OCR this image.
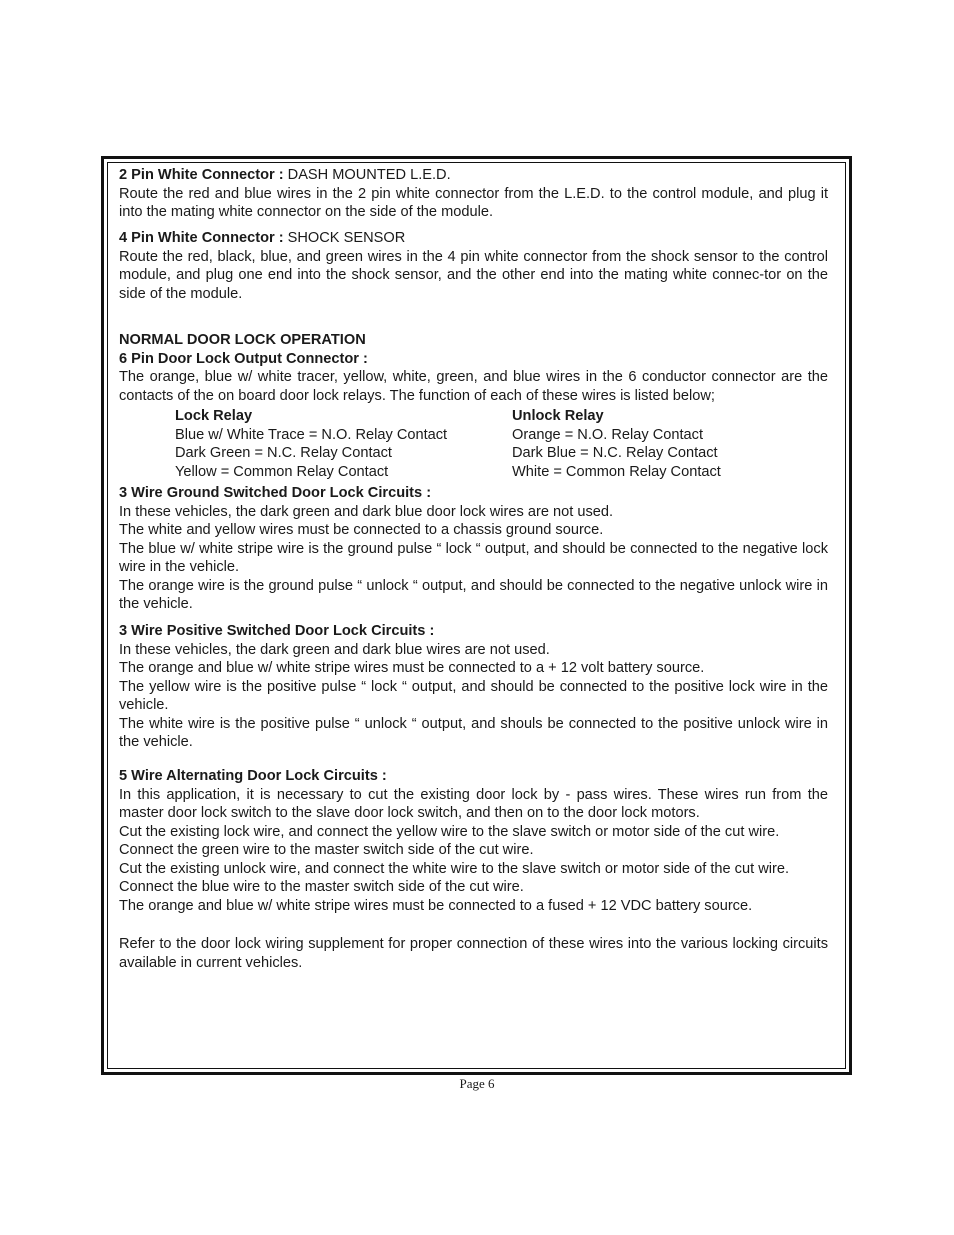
2 Pin White Connector : DASH MOUNTED L.E.D.

Route the red and blue wires in the 2 pin white connector from the L.E.D. to the control module, and plug it into the mating white connector on the side of the module.

4 Pin White Connector : SHOCK SENSOR

Route the red, black, blue, and green wires in the 4 pin white connector from the shock sensor to the control module, and plug one end into the shock sensor, and the other end into the mating white connec-tor on the side of the module.

NORMAL DOOR LOCK OPERATION

6 Pin Door Lock Output Connector :

The orange, blue w/ white tracer, yellow, white, green, and blue wires in the 6 conductor connector are the contacts of the on board door lock relays. The function of each of these wires is listed below;

Lock Relay

Blue w/ White Trace = N.O. Relay Contact

Dark Green = N.C. Relay Contact

Yellow = Common Relay Contact

Unlock Relay

Orange = N.O. Relay Contact

Dark Blue = N.C. Relay Contact

White = Common Relay Contact

3 Wire Ground Switched Door Lock Circuits :

In these vehicles, the dark green and dark blue door lock wires are not used.

The white and yellow wires must be connected to a chassis ground source.

The blue w/ white stripe wire is the ground pulse “ lock “ output, and should be connected to the negative lock wire in the vehicle.

The orange wire is the ground pulse “ unlock “ output, and should be connected to the negative unlock wire in the vehicle.

3 Wire Positive Switched Door Lock Circuits :

In these vehicles, the dark green and dark blue wires are not used.

The orange and blue w/ white stripe wires must be connected to a + 12 volt battery source.

The yellow wire is the positive pulse “ lock “ output, and should be connected to the positive lock wire in the vehicle.

The white wire is the positive pulse “ unlock “ output, and shouls be connected to the positive unlock wire in the vehicle.

5 Wire Alternating Door Lock Circuits :

In this application, it is necessary to cut the existing door lock by - pass wires. These wires run from the master door lock switch to the slave door lock switch, and then on to the door lock motors.

Cut the existing lock wire, and connect the yellow wire to the slave switch or motor side of the cut wire.

Connect the green wire to the master switch side of the cut wire.

Cut the existing unlock wire, and connect the white wire to the slave switch or motor side of the cut wire.

Connect the blue wire to the master switch side of the cut wire.

The orange and blue w/ white stripe wires must be connected to a fused + 12 VDC battery source.

Refer to the door lock wiring supplement for proper connection of these wires into the various locking circuits available in current vehicles.

Page 6
